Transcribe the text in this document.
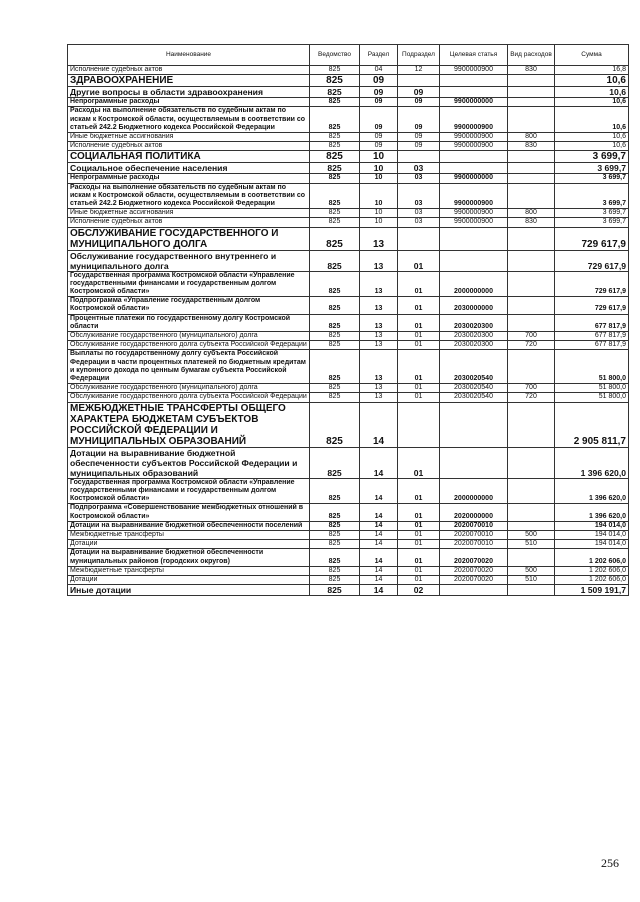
Наименование	Ведомство	Раздел	Подраздел	Целевая статья	Вид расходов	Сумма
Исполнение судебных актов	825	04	12	9900000900	830	16,8
ЗДРАВООХРАНЕНИЕ	825	09				10,6
Другие вопросы в области здравоохранения	825	09	09			10,6
Непрограммные расходы	825	09	09	9900000000		10,6
Расходы на выполнение обязательств по судебным актам по искам к Костромской области, осуществляемым в соответствии со статьей 242.2 Бюджетного кодекса Российской Федерации	825	09	09	9900000900		10,6
Иные бюджетные ассигнования	825	09	09	9900000900	800	10,6
Исполнение судебных актов	825	09	09	9900000900	830	10,6
СОЦИАЛЬНАЯ ПОЛИТИКА	825	10				3 699,7
Социальное обеспечение населения	825	10	03			3 699,7
Непрограммные расходы	825	10	03	9900000000		3 699,7
Расходы на выполнение обязательств по судебным актам по искам к Костромской области, осуществляемым в соответствии со статьей 242.2 Бюджетного кодекса Российской Федерации	825	10	03	9900000900		3 699,7
Иные бюджетные ассигнования	825	10	03	9900000900	800	3 699,7
Исполнение судебных актов	825	10	03	9900000900	830	3 699,7
ОБСЛУЖИВАНИЕ ГОСУДАРСТВЕННОГО И МУНИЦИПАЛЬНОГО ДОЛГА	825	13				729 617,9
Обслуживание государственного внутреннего и муниципального долга	825	13	01			729 617,9
Государственная программа Костромской области «Управление государственными финансами и государственным долгом Костромской области»	825	13	01	2000000000		729 617,9
Подпрограмма «Управление государственным долгом Костромской области»	825	13	01	2030000000		729 617,9
Процентные платежи по государственному долгу Костромской области	825	13	01	2030020300		677 817,9
Обслуживание государственного (муниципального) долга	825	13	01	2030020300	700	677 817,9
Обслуживание государственного долга субъекта Российской Федерации	825	13	01	2030020300	720	677 817,9
Выплаты по государственному долгу субъекта Российской Федерации в части процентных платежей по бюджетным кредитам и купонного дохода по ценным бумагам субъекта Российской Федерации	825	13	01	2030020540		51 800,0
Обслуживание государственного (муниципального) долга	825	13	01	2030020540	700	51 800,0
Обслуживание государственного долга субъекта Российской Федерации	825	13	01	2030020540	720	51 800,0
МЕЖБЮДЖЕТНЫЕ ТРАНСФЕРТЫ ОБЩЕГО ХАРАКТЕРА БЮДЖЕТАМ СУБЪЕКТОВ РОССИЙСКОЙ ФЕДЕРАЦИИ И МУНИЦИПАЛЬНЫХ ОБРАЗОВАНИЙ	825	14				2 905 811,7
Дотации на выравнивание бюджетной обеспеченности субъектов Российской Федерации и муниципальных образований	825	14	01			1 396 620,0
Государственная программа Костромской области «Управление государственными финансами и государственным долгом Костромской области»	825	14	01	2000000000		1 396 620,0
Подпрограмма «Совершенствование межбюджетных отношений в Костромской области»	825	14	01	2020000000		1 396 620,0
Дотации на выравнивание бюджетной обеспеченности поселений	825	14	01	2020070010		194 014,0
Межбюджетные трансферты	825	14	01	2020070010	500	194 014,0
Дотации	825	14	01	2020070010	510	194 014,0
Дотации на выравнивание бюджетной обеспеченности муниципальных районов (городских округов)	825	14	01	2020070020		1 202 606,0
Межбюджетные трансферты	825	14	01	2020070020	500	1 202 606,0
Дотации	825	14	01	2020070020	510	1 202 606,0
Иные дотации	825	14	02			1 509 191,7
256
